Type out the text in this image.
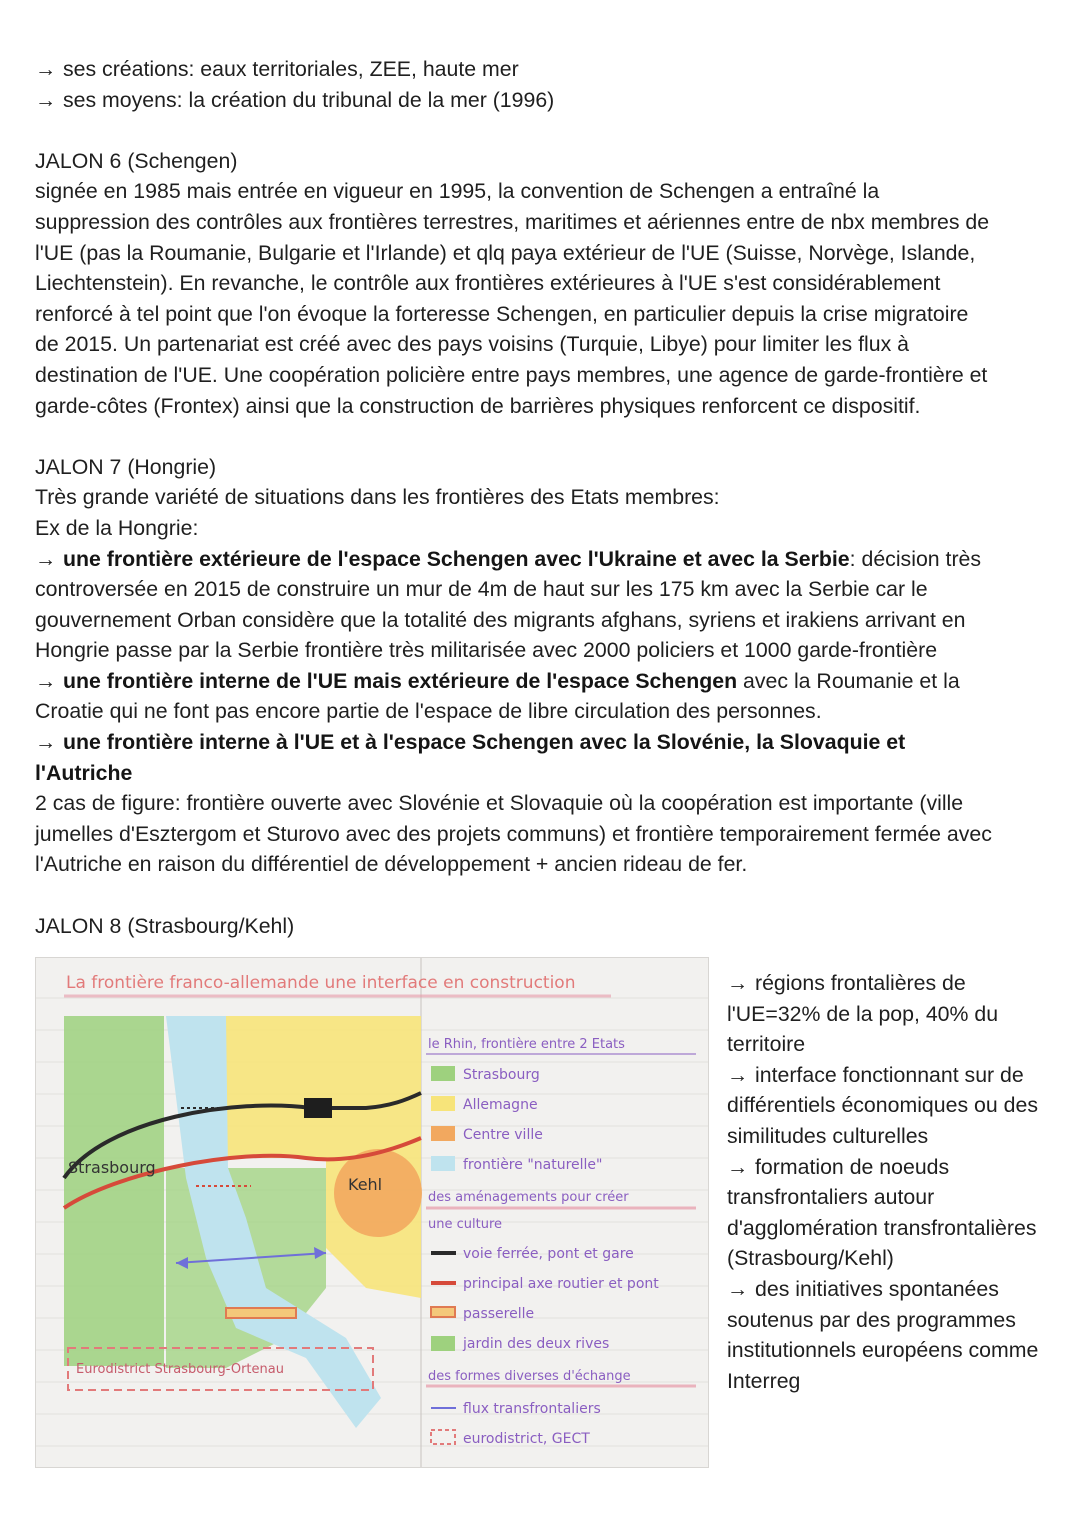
→ ses créations: eaux territoriales, ZEE, haute mer

→ ses moyens: la création du tribunal de la mer (1996)

JALON 6 (Schengen)

signée en 1985 mais entrée en vigueur en 1995, la convention de Schengen a entraîné la

suppression des contrôles aux frontières terrestres, maritimes et aériennes entre de nbx membres de

l'UE (pas la Roumanie, Bulgarie et l'Irlande) et qlq paya extérieur de l'UE (Suisse, Norvège, Islande,

Liechtenstein). En revanche, le contrôle aux frontières extérieures à l'UE s'est considérablement

renforcé à tel point que l'on évoque la forteresse Schengen, en particulier depuis la crise migratoire

de 2015. Un partenariat est créé avec des pays voisins (Turquie, Libye) pour limiter les flux à

destination de l'UE. Une coopération policière entre pays membres, une agence de garde-frontière et

garde-côtes (Frontex) ainsi que la construction de barrières physiques renforcent ce dispositif.

JALON 7 (Hongrie)

Très grande variété de situations dans les frontières des Etats membres:

Ex de la Hongrie:

→ une frontière extérieure de l'espace Schengen avec l'Ukraine et avec la Serbie: décision très

controversée en 2015 de construire un mur de 4m de haut sur les 175 km avec la Serbie car le

gouvernement Orban considère que la totalité des migrants afghans, syriens et irakiens arrivant en

Hongrie passe par la Serbie frontière très militarisée avec 2000 policiers et 1000 garde-frontière

→ une frontière interne de l'UE mais extérieure de l'espace Schengen avec la Roumanie et la

Croatie qui ne font pas encore partie de l'espace de libre circulation des personnes.

→ une frontière interne à l'UE et à l'espace Schengen avec la Slovénie, la Slovaquie et

l'Autriche

2 cas de figure: frontière ouverte avec Slovénie et Slovaquie où la coopération est importante (ville

jumelles d'Esztergom et Sturovo avec des projets communs) et frontière temporairement fermée avec

l'Autriche en raison du différentiel de développement + ancien rideau de fer.

JALON 8 (Strasbourg/Kehl)

La frontière franco-allemande une interface en construction
Strasbourg
Kehl
Eurodistrict Strasbourg-Ortenau
le Rhin, frontière entre 2 Etats
Strasbourg
Allemagne
Centre ville
frontière "naturelle"
des aménagements pour créer
une culture
voie ferrée, pont et gare
principal axe routier et pont
passerelle
jardin des deux rives
des formes diverses d'échange
flux transfrontaliers
eurodistrict, GECT

→ régions frontalières de

l'UE=32% de la pop, 40% du

territoire

→ interface fonctionnant sur de

différentiels économiques ou des

similitudes culturelles

→ formation de noeuds

transfrontaliers autour

d'agglomération transfrontalières

(Strasbourg/Kehl)

→ des initiatives spontanées

soutenus par des programmes

institutionnels européens comme

Interreg
